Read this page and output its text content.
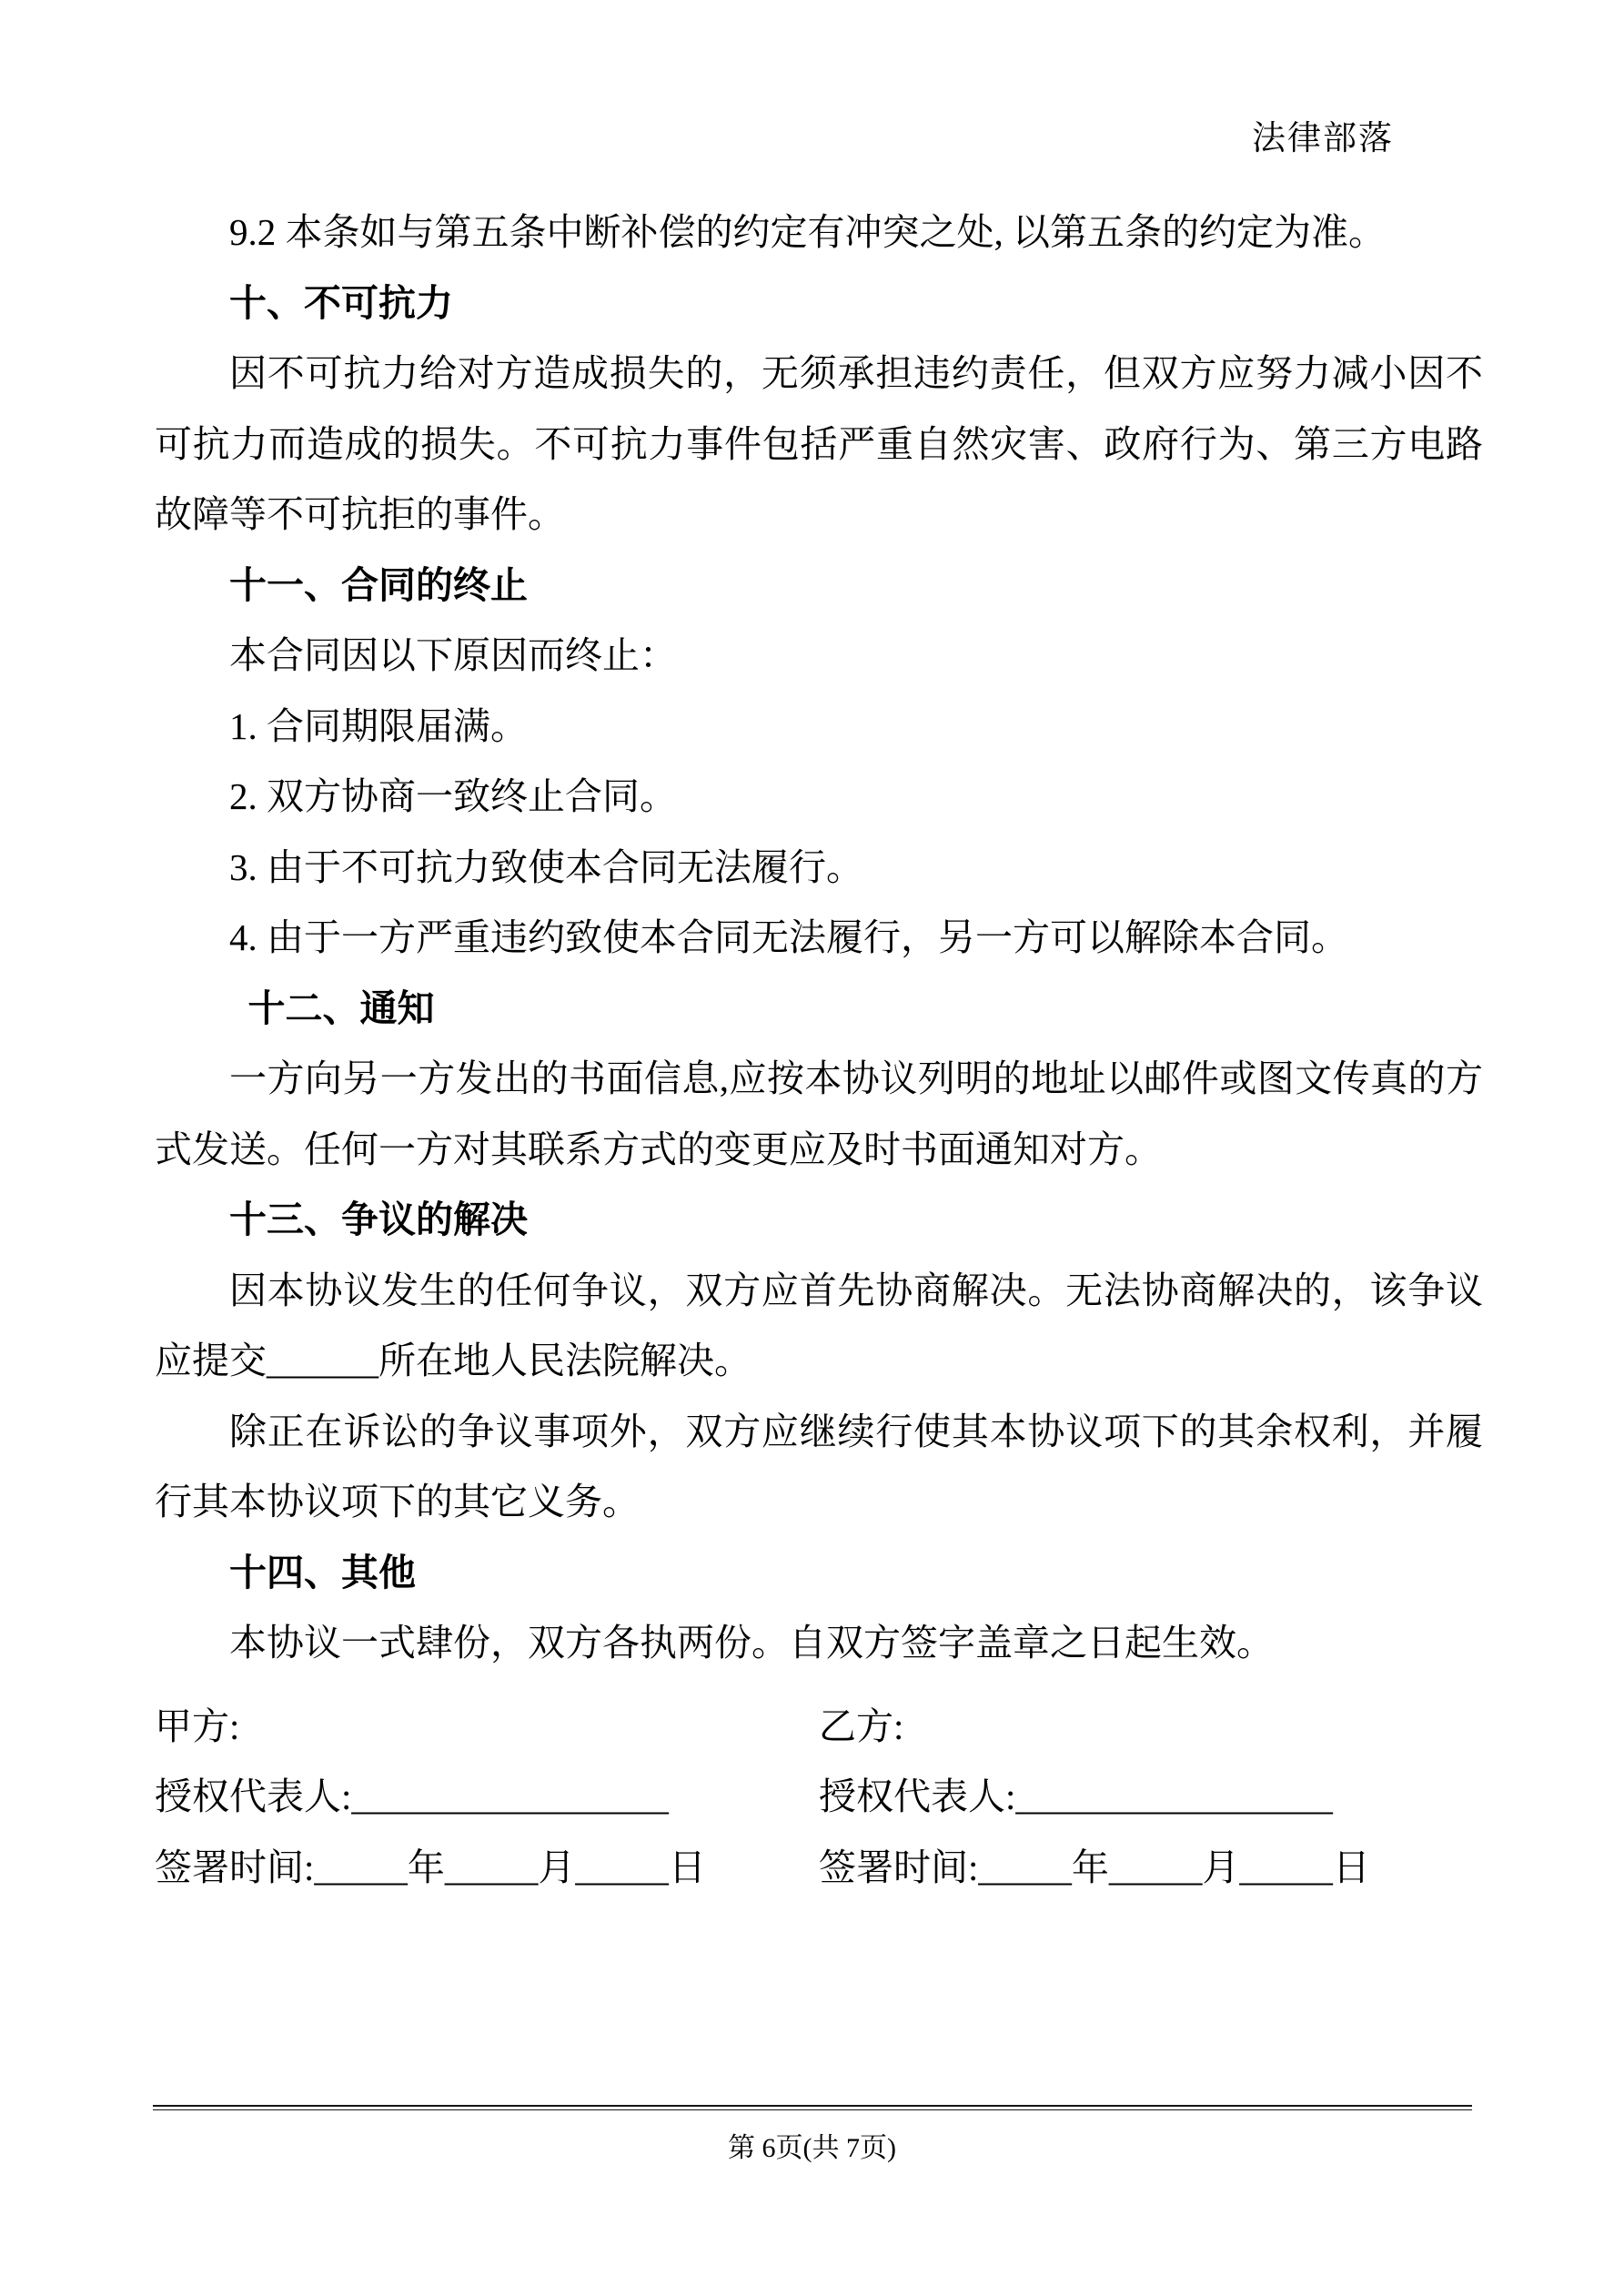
法律部落
9.2 本条如与第五条中断补偿的约定有冲突之处, 以第五条的约定为准。
十、不可抗力
因不可抗力给对方造成损失的，无须承担违约责任，但双方应努力减小因不可抗力而造成的损失。不可抗力事件包括严重自然灾害、政府行为、第三方电路故障等不可抗拒的事件。
十一、合同的终止
本合同因以下原因而终止：
1. 合同期限届满。
2. 双方协商一致终止合同。
3. 由于不可抗力致使本合同无法履行。
4. 由于一方严重违约致使本合同无法履行，另一方可以解除本合同。
 十二、通知
一方向另一方发出的书面信息,应按本协议列明的地址以邮件或图文传真的方式发送。任何一方对其联系方式的变更应及时书面通知对方。
十三、争议的解决
因本协议发生的任何争议，双方应首先协商解决。无法协商解决的，该争议应提交______所在地人民法院解决。
除正在诉讼的争议事项外，双方应继续行使其本协议项下的其余权利，并履行其本协议项下的其它义务。
十四、其他
本协议一式肆份，双方各执两份。自双方签字盖章之日起生效。
甲方:
授权代表人:_________________
签署时间:_____年_____月_____日
乙方:
授权代表人:_________________
签署时间:_____年_____月_____日
第 6页(共 7页)
